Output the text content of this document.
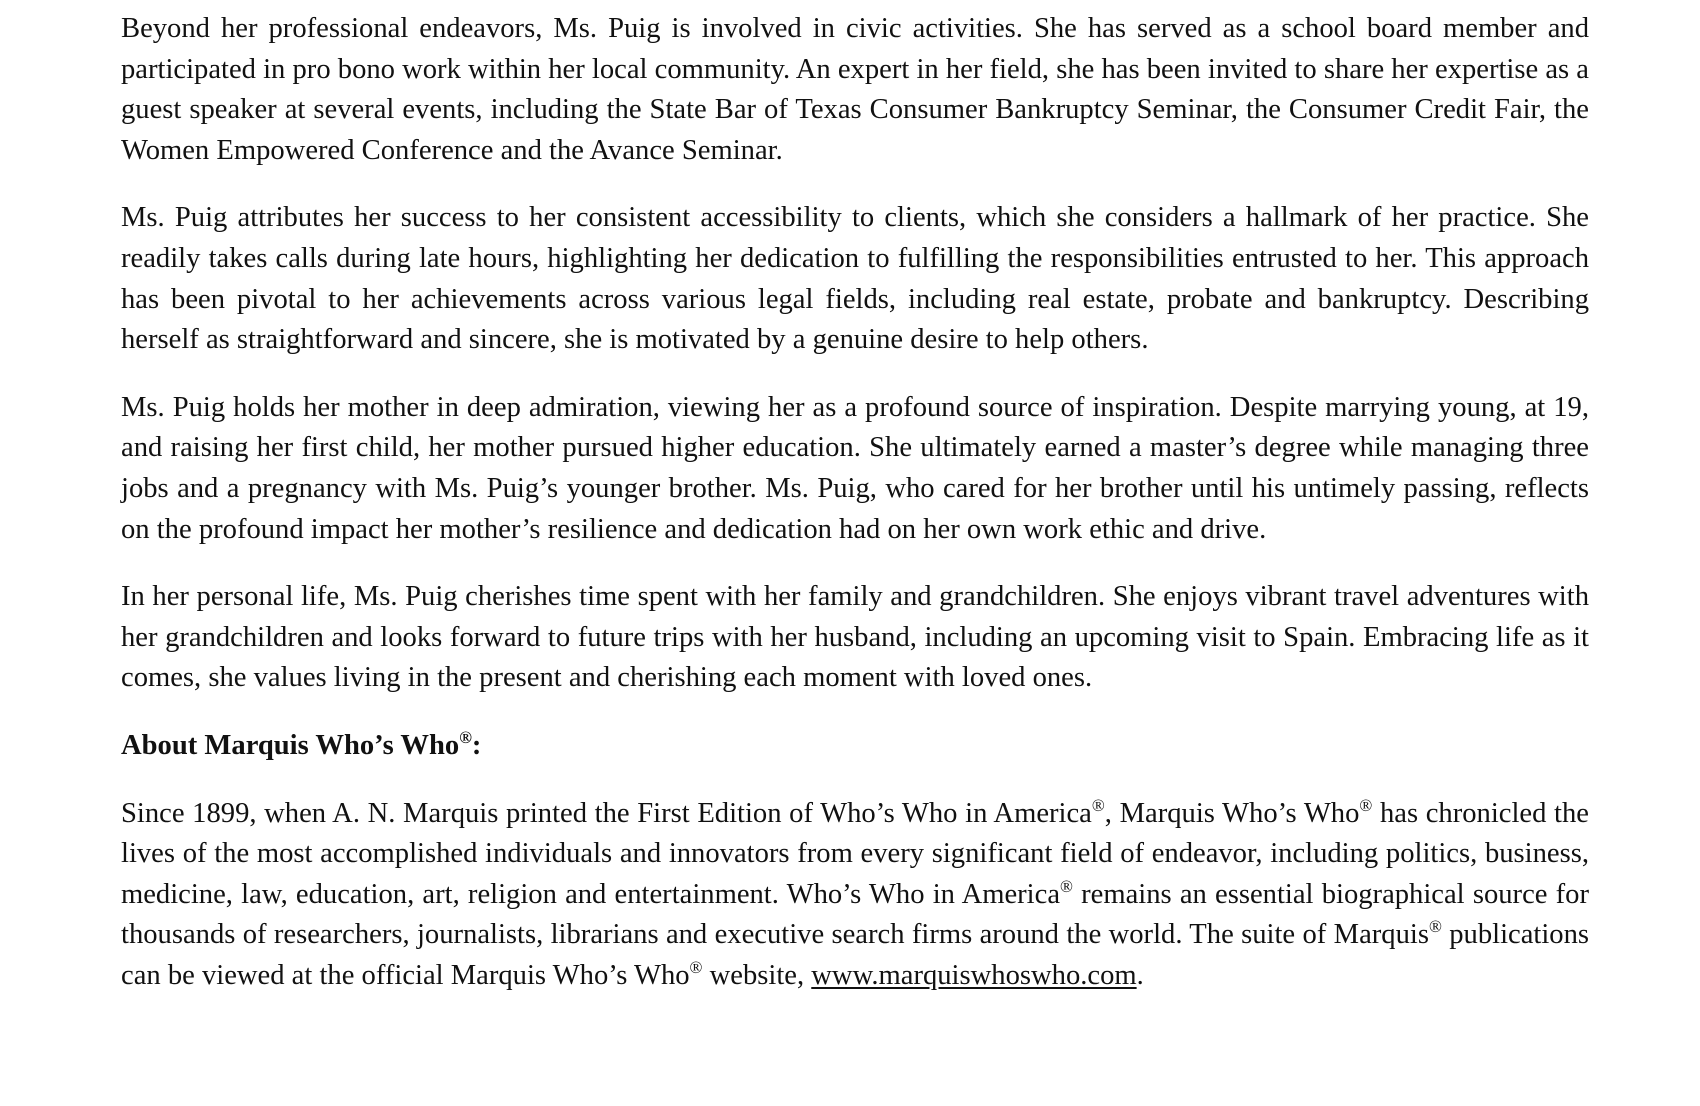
Beyond her professional endeavors, Ms. Puig is involved in civic activities. She has served as a school board member and participated in pro bono work within her local community. An expert in her field, she has been invited to share her expertise as a guest speaker at several events, including the State Bar of Texas Consumer Bankruptcy Seminar, the Consumer Credit Fair, the Women Empowered Conference and the Avance Seminar.

Ms. Puig attributes her success to her consistent accessibility to clients, which she considers a hallmark of her practice. She readily takes calls during late hours, highlighting her dedication to fulfilling the responsibilities entrusted to her. This approach has been pivotal to her achievements across various legal fields, including real estate, probate and bankruptcy. Describing herself as straightforward and sincere, she is motivated by a genuine desire to help others.

Ms. Puig holds her mother in deep admiration, viewing her as a profound source of inspiration. Despite marrying young, at 19, and raising her first child, her mother pursued higher education. She ultimately earned a master’s degree while managing three jobs and a pregnancy with Ms. Puig’s younger brother. Ms. Puig, who cared for her brother until his untimely passing, reflects on the profound impact her mother’s resilience and dedication had on her own work ethic and drive.

In her personal life, Ms. Puig cherishes time spent with her family and grandchildren. She enjoys vibrant travel adventures with her grandchildren and looks forward to future trips with her husband, including an upcoming visit to Spain. Embracing life as it comes, she values living in the present and cherishing each moment with loved ones.

About Marquis Who’s Who®:

Since 1899, when A. N. Marquis printed the First Edition of Who’s Who in America®, Marquis Who’s Who® has chronicled the lives of the most accomplished individuals and innovators from every significant field of endeavor, including politics, business, medicine, law, education, art, religion and entertainment. Who’s Who in America® remains an essential biographical source for thousands of researchers, journalists, librarians and executive search firms around the world. The suite of Marquis® publications can be viewed at the official Marquis Who’s Who® website, www.marquiswhoswho.com.
